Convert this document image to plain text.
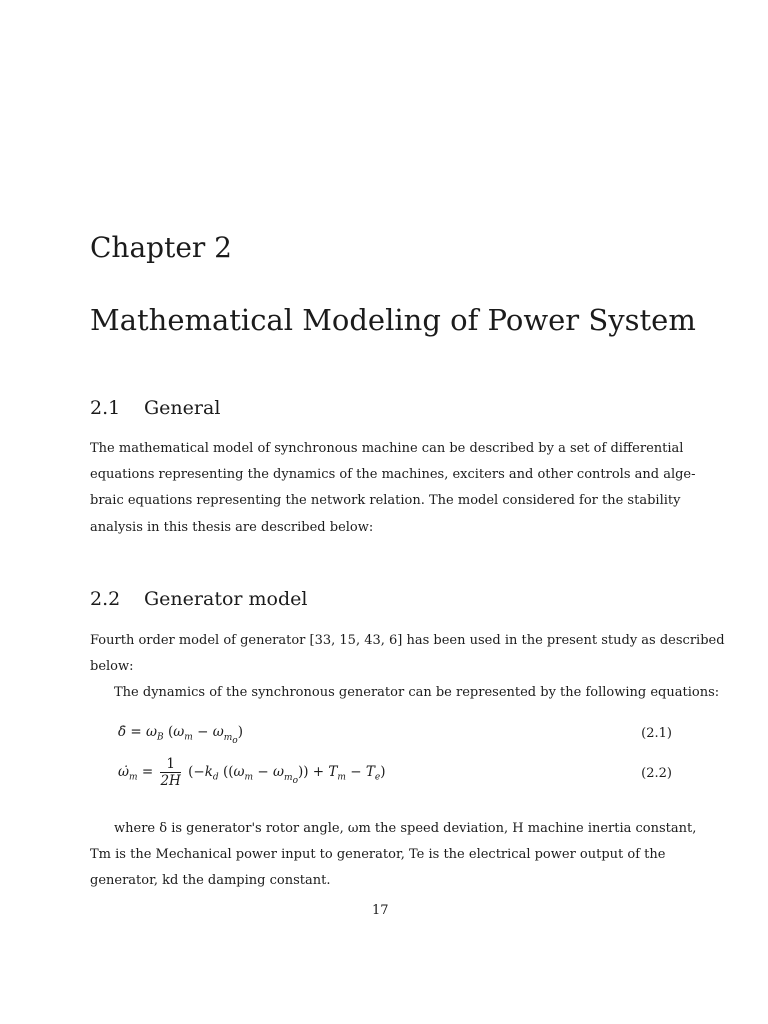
Chapter 2
Mathematical Modeling of Power System
2.1 General
The mathematical model of synchronous machine can be described by a set of differential
equations representing the dynamics of the machines, exciters and other controls and alge-
braic equations representing the network relation. The model considered for the stability
analysis in this thesis are described below:
2.2 Generator model
Fourth order model of generator [33, 15, 43, 6] has been used in the present study as described
below:
The dynamics of the synchronous generator can be represented by the following equations:
δ̇ = $\omega_B$ $(\omega_m - \omega_{m_o})$	(2.1)
$\omegȧ_m = \frac{1}{2H} (-k_d$ $((\omega_m - \omega_{m_o})) + T_m - T_e$)	(2.2)
where δ is generator's rotor angle, ωm the speed deviation, H machine inertia constant,
Tm is the Mechanical power input to generator, Te is the electrical power output of the
generator, kd the damping constant.
17
